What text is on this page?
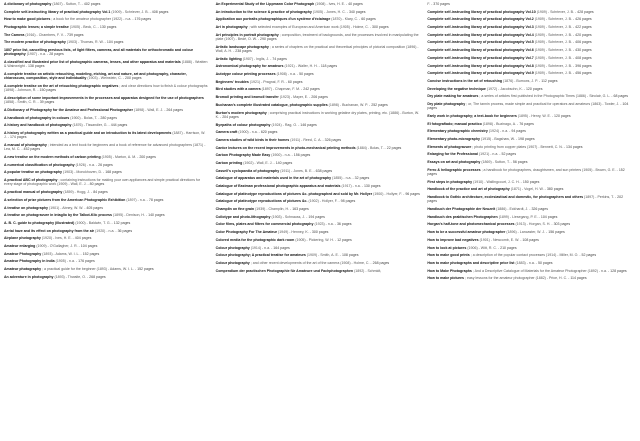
A dictionary of photography (1867) - Sutton, T. - 402 pages
Complete self-instructing library of practical photography Vol.1 (1909) - Schriever, J. B. - 408 pages
How to make good pictures ; a book for the amateur photographer (1922) - n.a. - 176 pages
Photographic lenses; a simple treatise (1905) - Beck, C. - 130 pages
The Camera (1916) - Chambers, F. V. - 739 pages
The modern practice of photography (1903) - Thomas, R. W. - 104 pages
1807 price list, cancelling previous lists, of light filters, cameras, and all materials for orthochromatic and colour photography (1907) - n.a. - 28 pages
A classified and illustrated price list of photographic cameras, lenses, and other apparatus and materials (1888) - Wratten & Wainwright - 138 pages
A complete treatise on artistic retouching, modeling, etching, art and nature, art and photography, character, chiaroscuro, composition, style and individuality (1903) - Weinstein, C. - 200 pages
A complete treatise on the art of retouching photographic negatives ; and clear directions how to finish & colour photographs (1898) - Johnson, R. - 150 pages
A description of some important improvements in the processes and apparatus designed for the use of photographers (1858) - Smith, C. R. - 39 pages
A Dictionary of Photography for the Amateur and Professional Photographer (1898) - Wall, E. J. - 264 pages
A handbook of photography in colours (1900) - Bolas, T. - 280 pages
A history and handbook of photography (1876) - Tissandier, G. - 444 pages
A history of photography written as a practical guide and an introduction to its latest developments (1887) - Harrison, W. J. - 174 pages
A manual of photography ; intended as a text book for beginners and a book of reference for advanced photographers (1871) - Lea, M. C. - 452 pages
A new treatise on the modern methods of carbon printing (1905) - Marton, A. M. - 200 pages
A numerical classification of photography (1926) - n.a. - 26 pages
A popular treatise on photography (1903) - Monckhoven, D. - 168 pages
A practical ABC of photography ; containing instructions for making your own appliances and simple practical directions for every stage of photographic work (1909) - Wall, E. J. - 80 pages
A practical manual of photography (1859) - Hogg, J. - 84 pages
A selection of prize pictures from the American Photographic Exhibition (1897) - n.a. - 78 pages
A treatise on photography (1901) - Abney, W. W. - 405 pages
A treatise on photogravure in intaglio by the Talbot-Klic process (1895) - Denison, H. - 140 pages
A. B. C. guide to photography (illustrated) (1900) - Baldwin, T. G. - 132 pages
Aerial haze and its effect on photography from the air (1920) - n.a. - 36 pages
Airplane photography (1920) - Ives, H. E. - 404 pages
Amateur enlarging (1909) - O'Gallagher, J. R. - 104 pages
Amateur Photography (1893) - Adams, W. I. L. - 152 pages
Amateur Photography in India (1905) - n.a. - 176 pages
Amateur photography ; a practical guide for the beginner (1893) - Adams, W. I. L. - 152 pages
An adventure in photography (1893) - Thwaite, O. - 268 pages
An Experimental Study of the Lippmann Color Photograph (1908) - Ives, H. E. - 40 pages
An introduction to the science & practice of photography (1905) - Jones, H. C. - 340 pages
Application aux portraits photographiques d'un système d'éclairage (1870) - Klary, C. - 60 pages
Art in photography ; with selected examples of European and American work (1905) - Holme, C. - 300 pages
Art principles in portrait photography ; composition, treatment of backgrounds, and the processes involved in manipulating the plate (1907) - Bedé, O. W. - 290 pages
Artistic landscape photography ; a series of chapters on the practical and theoretical principles of pictorial composition (1896) - Wall, A. H. - 238 pages
Artistic lighting (1907) - Inglis, J. - 74 pages
Astronomical photography for amateurs (1921) - Waller, H. H. - 118 pages
Autotype colour printing processes (1908) - n.a. - 50 pages
Beginners' troubles (1921) - Pragnal, F. R. - 60 pages
Bird studies with a camera (1897) - Chapman, F. M. - 242 pages
Bromoil printing and bromoil transfer (1923) - Mayer, E. - 206 pages
Buchanan's complete illustrated catalogue, photographic supplies (1898) - Buchanan, W. P. - 252 pages
Burton's modern photography ; comprising practical instructions in working gelatine dry plates, printing, etc. (1886) - Burton, W. K. - 204 pages
Byepaths of colour photography (1924) - Rag, O. - 146 pages
Camera craft (1900) - n.a. - 620 pages
Camera studies of wild birds in their homes (1911) - Reed, C. A. - 326 pages
Cantor lectures on the recent improvements in photo-mechanical printing methods (1884) - Bolas, T. - 22 pages
Carbon Photography Made Easy (1900) - n.a. - 156 pages
Carbon printing (1902) - Wall, E. J. - 140 pages
Cassell's cyclopaedia of photography (1911) - Jones, B. E. - 638 pages
Catalogue of apparatus and materials used in the art of photography (1855) - n.a. - 32 pages
Catalogue of Eastman professional photographic apparatus and materials (1917) - n.a. - 130 pages
Catalogue of platinotype reproductions of pictures &c. photographed and sold by Mr. Hollyer (1900) - Hollyer, F. - 96 pages
Catalogue of platinotype reproductions of pictures &c. (1902) - Hollyer, F. - 98 pages
Champlin on fine grain (1939) - Champlin, H. - 163 pages
Collotype and photo-lithography (1903) - Schnauss, J. - 194 pages
Color films, plates and filters for commercial photography (1923) - n.a. - 36 pages
Color Photography For The Amateur (1949) - Henney, K. - 300 pages
Colored media for the photographic dark room (1905) - Pickering, W. H. - 12 pages
Colour photography (1914) - n.a. - 164 pages
Colour photography; A practical treatise for amateurs (1909) - Smith, A. E. - 108 pages
Colour photography ; and other recent developments of the art of the camera (1908) - Holme, C. - 268 pages
Compendium der practischen Photographie für Amateure und Fachphotographen (1892) - Schmidt,
F. - 370 pages
Complete self-instructing library of practical photography Vol.10 (1909) - Schriever, J. B. - 428 pages
Complete self-instructing library of practical photography Vol.2 (1909) - Schriever, J. B. - 426 pages
Complete self-instructing library of practical photography Vol.3 (1909) - Schriever, J. B. - 422 pages
Complete self-instructing library of practical photography Vol.4 (1909) - Schriever, J. B. - 420 pages
Complete self-instructing library of practical photography Vol.5 (1909) - Schriever, J. B. - 406 pages
Complete self-instructing library of practical photography Vol.6 (1909) - Schriever, J. B. - 430 pages
Complete self-instructing library of practical photography Vol.7 (1909) - Schriever, J. B. - 408 pages
Complete self-instructing library of practical photography Vol.8 (1909) - Schriever, J. B. - 396 pages
Complete self-instructing library of practical photography Vol.9 (1909) - Schriever, J. B. - 456 pages
Concise instructions in the art of retouching (1876) - Burrows, J. P. - 112 pages
Developing the negative technique (1972) - Jacobsohn, K. - 120 pages
Dry plate making for amateurs ; a series of articles first published in the Photographic Times (1886) - Sinclair, G. L. - 68 pages
Dry plate photography ; or, The tannin process, made simple and practical for operators and amateurs (1863) - Towler, J. - 104 pages
Early work in photography; a text-book for beginners (1895) - Henry, W. E. - 120 pages
El fotografiado; manual practico (1898) - Buzinago, A. - 76 pages
Elementary photographic chemistry (1924) - n.a. - 94 pages
Elementary photo-micrography (1915) - Bagshaw, W. - 198 pages
Elements of photogravure ; photo printing from copper plates (1907) - Bennett, C. N. - 134 pages
Enlarging for the Professional (1921) - n.a. - 52 pages
Essays on art and photography (1869) - Sutton, T. - 56 pages
Ferro & heliographic processes ; a handbook for photographers, draughtsmen, and sun printers (1905) - Brown, G. E. - 152 pages
First steps in photography (1910) - Wallingcourt, J. C. H. - 150 pages
Handbook of the practice and art of photography (1871) - Vogel, H. W. - 380 pages
Handbook to Gothic architecture, ecclesiastical and domestic, for photographers and others (1897) - Perkins, T. - 202 pages
Handbuch der Photographie der Neuzeit (1886) - Eckhardt, J. - 326 pages
Handbuch des praktischen Photographen (1899) - Liesegang, P. E. - 104 pages
Horgan's half-tone and photomechanical processes (1913) - Horgan, S. H. - 303 pages
How to be a successful amateur photographer (1896) - Lancaster, W. J. - 156 pages
How to improve bad negatives (1901) - Newcomb, E. W. - 108 pages
How to look at pictures (1906) - Witt, R. C. - 210 pages
How to make good prints ; a description of the popular contact processes (1914) - Miller, M. O. - 52 pages
How to make photographs and descriptive price list (1883) - n.a. - 50 pages
How to Make Photographs ; And a Descriptive Catalogue of Materials for the Amateur Photographer (1892) - n.a. - 128 pages
How to make pictures ; easy lessons for the amateur photographer (1882) - Price, H. C. - 114 pages
